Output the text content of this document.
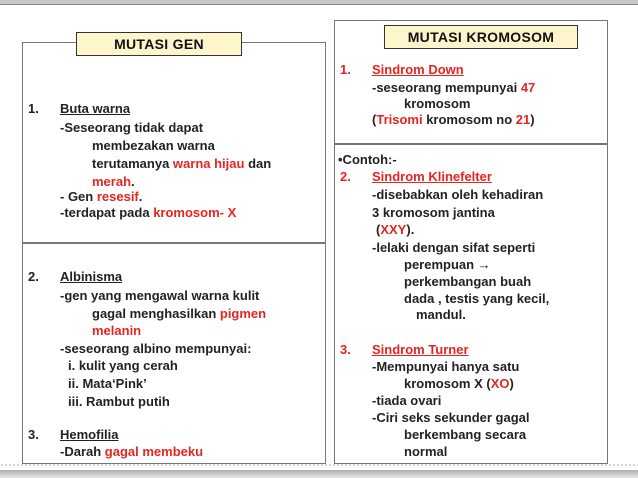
MUTASI GEN	MUTASI KROMOSOM
1. Buta warna
-Seseorang tidak dapat
membezakan warna
terutamanya warna hijau dan
merah.
- Gen resesif.
-terdapat pada kromosom- X
2. Albinisma
-gen yang mengawal warna kulit
gagal menghasilkan pigmen
melanin
-seseorang albino mempunyai:
i. kulit yang cerah
ii. Mata‘Pink’
iii. Rambut putih
3. Hemofilia
-Darah gagal membeku
1. Sindrom Down
-seseorang mempunyai 47
kromosom
(Trisomi kromosom no 21)
•Contoh:-
2. Sindrom Klinefelter
-disebabkan oleh kehadiran
3 kromosom jantina
(XXY).
-lelaki dengan sifat seperti
perempuan →
perkembangan buah
dada , testis yang kecil,
mandul.
3. Sindrom Turner
-Mempunyai hanya satu
kromosom X (XO)
-tiada ovari
-Ciri seks sekunder gagal
berkembang secara
normal
